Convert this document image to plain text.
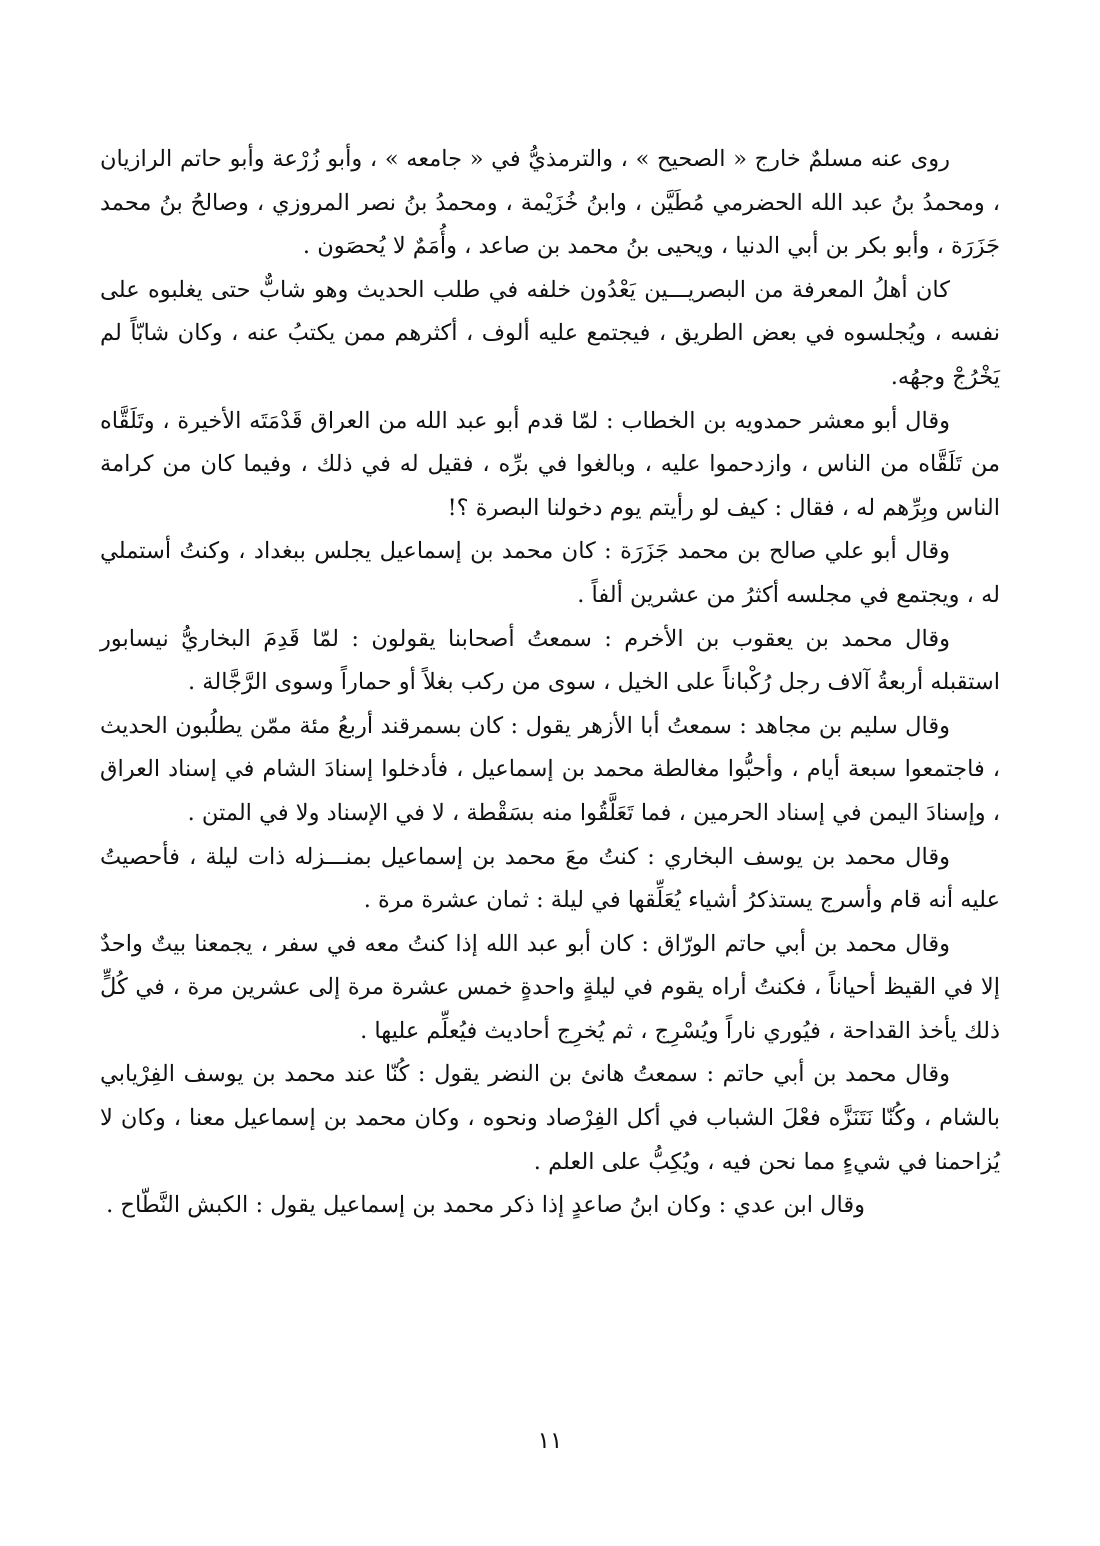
روى عنه مسلمٌ خارج « الصحيح » ، والترمذيُّ في « جامعه » ، وأبو زُرْعة وأبو حاتم الرازيان ، ومحمدُ بنُ عبد الله الحضرمي مُطَيَّن ، وابنُ خُزَيْمة ، ومحمدُ بنُ نصر المروزي ، وصالحُ بنُ محمد جَزَرَة ، وأبو بكر بن أبي الدنيا ، ويحيى بنُ محمد بن صاعد ، وأُمَمٌ لا يُحصَون .

كان أهلُ المعرفة من البصريـــين يَعْدُون خلفه في طلب الحديث وهو شابٌّ حتى يغلبوه على نفسه ، ويُجلسوه في بعض الطريق ، فيجتمع عليه ألوف ، أكثرهم ممن يكتبُ عنه ، وكان شابّاً لم يَخْرُجْ وجهُه.

وقال أبو معشر حمدويه بن الخطاب : لمّا قدم أبو عبد الله من العراق قَدْمَتَه الأخيرة ، وتَلَقَّاه من تَلَقَّاه من الناس ، وازدحموا عليه ، وبالغوا في برِّه ، فقيل له في ذلك ، وفيما كان من كرامة الناس وبِرِّهم له ، فقال : كيف لو رأيتم يوم دخولنا البصرة ؟!

وقال أبو علي صالح بن محمد جَزَرَة : كان محمد بن إسماعيل يجلس ببغداد ، وكنتُ أستملي له ، ويجتمع في مجلسه أكثرُ من عشرين ألفاً .

وقال محمد بن يعقوب بن الأخرم : سمعتُ أصحابنا يقولون : لمّا قَدِمَ البخاريُّ نيسابور استقبله أربعةُ آلاف رجل رُكْباناً على الخيل ، سوى من ركب بغلاً أو حماراً وسوى الرَّجَّالة .

وقال سليم بن مجاهد : سمعتُ أبا الأزهر يقول : كان بسمرقند أربعُ مئة ممّن يطلُبون الحديث ، فاجتمعوا سبعة أيام ، وأحبُّوا مغالطة محمد بن إسماعيل ، فأدخلوا إسنادَ الشام في إسناد العراق ، وإسنادَ اليمن في إسناد الحرمين ، فما تَعَلَّقُوا منه بسَقْطة ، لا في الإسناد ولا في المتن .

وقال محمد بن يوسف البخاري : كنتُ معَ محمد بن إسماعيل بمنـــزله ذات ليلة ، فأحصيتُ عليه أنه قام وأسرج يستذكرُ أشياء يُعَلِّقها في ليلة : ثمان عشرة مرة .

وقال محمد بن أبي حاتم الورّاق : كان أبو عبد الله إذا كنتُ معه في سفر ، يجمعنا بيتٌ واحدٌ إلا في القيظ أحياناً ، فكنتُ أراه يقوم في ليلةٍ واحدةٍ خمس عشرة مرة إلى عشرين مرة ، في كُلٍّ ذلك يأخذ القداحة ، فيُوري ناراً ويُسْرِج ، ثم يُخرِج أحاديث فيُعلِّم عليها .

وقال محمد بن أبي حاتم : سمعتُ هانئ بن النضر يقول : كُنّا عند محمد بن يوسف الفِرْيابي بالشام ، وكُنّا نَتَنَزَّه فعْلَ الشباب في أكل الفِرْصاد ونحوه ، وكان محمد بن إسماعيل معنا ، وكان لا يُزاحمنا في شيءٍ مما نحن فيه ، ويُكِبُّ على العلم .

وقال ابن عدي : وكان ابنُ صاعدٍ إذا ذكر محمد بن إسماعيل يقول : الكبش النَّطّاح .

١١
